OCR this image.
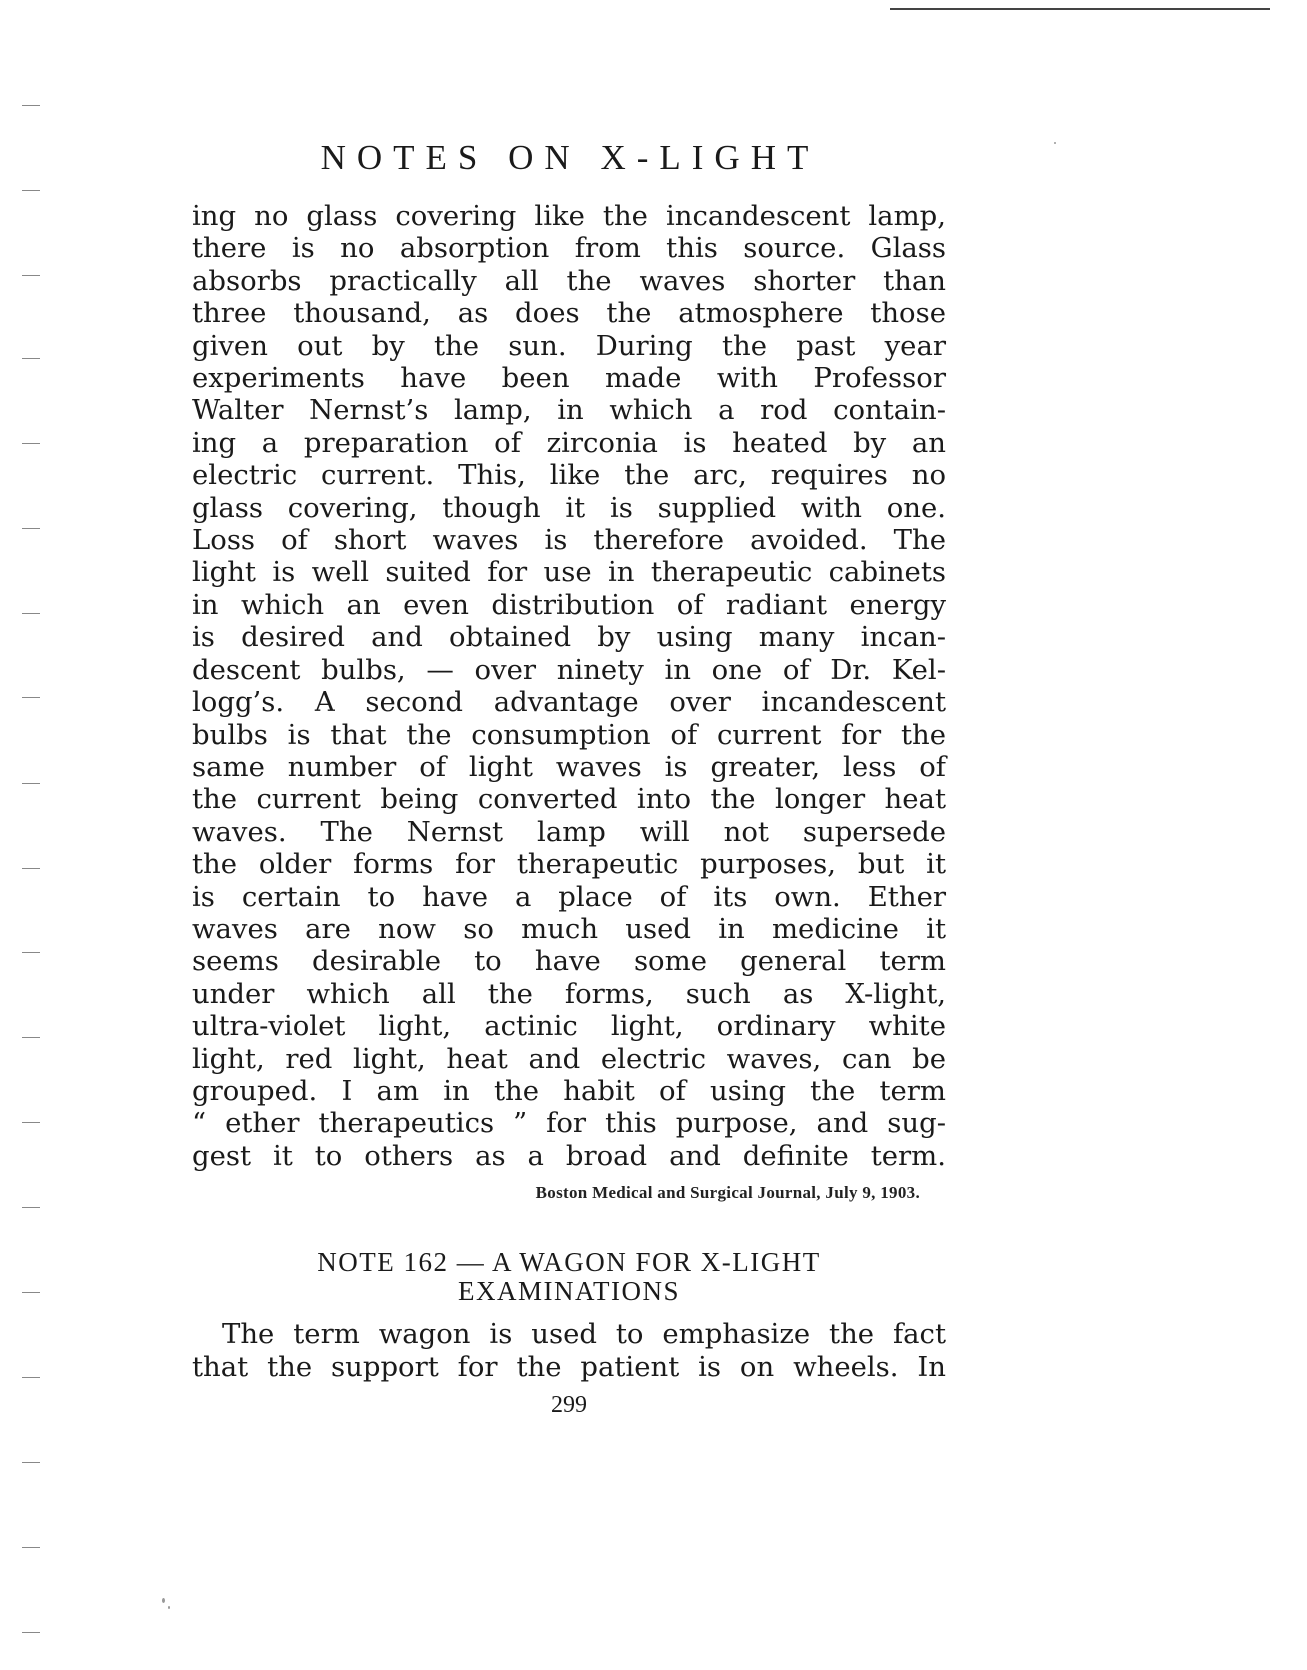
NOTES ON X-LIGHT
ing no glass covering like the incandescent lamp,
there is no absorption from this source. Glass
absorbs practically all the waves shorter than
three thousand, as does the atmosphere those
given out by the sun. During the past year
experiments have been made with Professor
Walter Nernst’s lamp, in which a rod contain-
ing a preparation of zirconia is heated by an
electric current. This, like the arc, requires no
glass covering, though it is supplied with one.
Loss of short waves is therefore avoided. The
light is well suited for use in therapeutic cabinets
in which an even distribution of radiant energy
is desired and obtained by using many incan-
descent bulbs, — over ninety in one of Dr. Kel-
logg’s. A second advantage over incandescent
bulbs is that the consumption of current for the
same number of light waves is greater, less of
the current being converted into the longer heat
waves. The Nernst lamp will not supersede
the older forms for therapeutic purposes, but it
is certain to have a place of its own. Ether
waves are now so much used in medicine it
seems desirable to have some general term
under which all the forms, such as X-light,
ultra-violet light, actinic light, ordinary white
light, red light, heat and electric waves, can be
grouped. I am in the habit of using the term
“ ether therapeutics ” for this purpose, and sug-
gest it to others as a broad and definite term.
Boston Medical and Surgical Journal, July 9, 1903.
NOTE 162 — A WAGON FOR X-LIGHT
EXAMINATIONS
The term wagon is used to emphasize the fact
that the support for the patient is on wheels. In
299
